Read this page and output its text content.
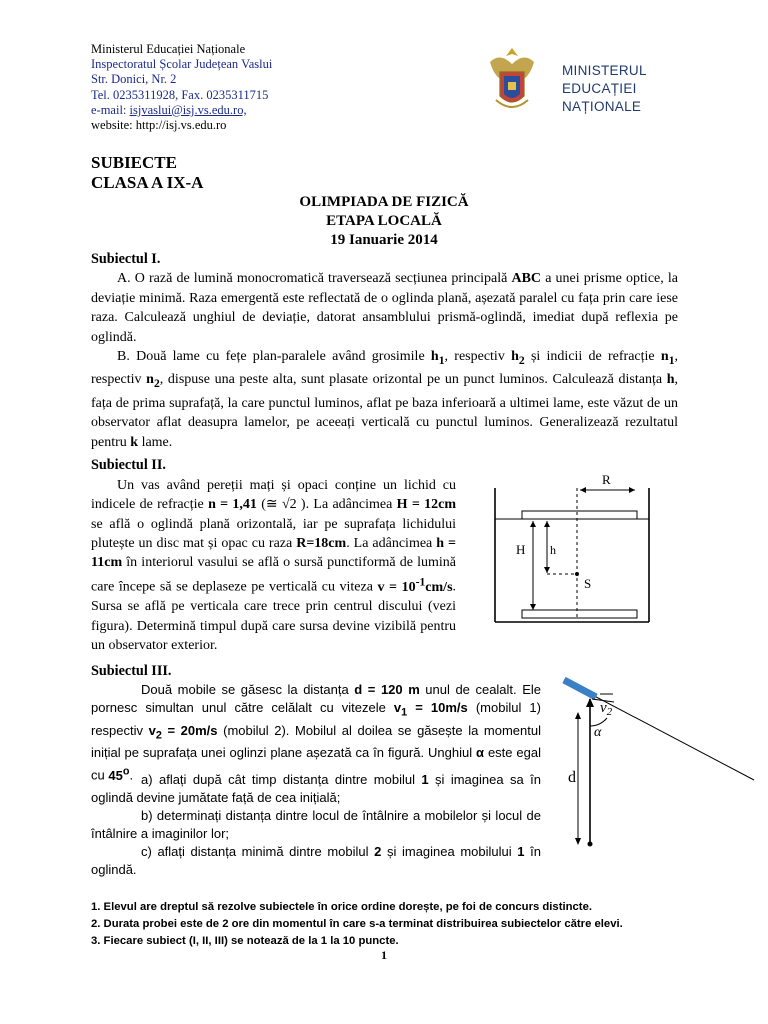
Ministerul Educației Naționale
Inspectoratul Școlar Județean Vaslui
Str. Donici, Nr. 2
Tel. 0235311928, Fax. 0235311715
e-mail: isjvaslui@isj.vs.edu.ro,
website: http://isj.vs.edu.ro
MINISTERUL
EDUCAȚIEI
NAȚIONALE
SUBIECTE
CLASA A IX-A
OLIMPIADA DE FIZICĂ
ETAPA LOCALĂ
19 Ianuarie 2014
Subiectul I.
A. O rază de lumină monocromatică traversează secțiunea principală ABC a unei prisme optice, la deviație minimă. Raza emergentă este reflectată de o oglinda plană, așezată paralel cu fața prin care iese raza. Calculează unghiul de deviație, datorat ansamblului prismă-oglindă, imediat după reflexia pe oglindă.
B. Două lame cu fețe plan-paralele având grosimile $h_1$, respectiv $h_2$ și indicii de refracție $n_1$, respectiv $n_2$, dispuse una peste alta, sunt plasate orizontal pe un punct luminos. Calculează distanța h, fața de prima suprafață, la care punctul luminos, aflat pe baza inferioară a ultimei lame, este văzut de un observator aflat deasupra lamelor, pe aceeați verticală cu punctul luminos. Generalizează rezultatul pentru k lame.
Subiectul II.
Un vas având pereții mați și opaci conține un lichid cu indicele de refracție n = 1,41 (≅ √2 ). La adâncimea H = 12cm se află o oglindă plană orizontală, iar pe suprafața lichidului plutește un disc mat și opac cu raza R=18cm. La adâncimea h = 11cm în interiorul vasului se află o sursă punctiformă de lumină care începe să se deplaseze pe verticală cu viteza $v = 10^{-1}cm/s$. Sursa se află pe verticala care trece prin centrul discului (vezi figura). Determină timpul după care sursa devine vizibilă pentru un observator exterior.
R
H h
S
Subiectul III.
Două mobile se găsesc la distanța d = 120 m unul de cealalt. Ele pornesc simultan unul către celălalt cu vitezele $v_1 = 10m/s$ (mobilul 1) respectiv $v_2 = 20m/s$ (mobilul 2). Mobilul al doilea se găsește la momentul inițial pe suprafața unei oglinzi plane așezată ca în figură. Unghiul α este egal cu 45$^o$. a) aflați după cât timp distanța dintre mobilul 1 și imaginea sa în oglindă devine jumătate față de cea inițială;
b) determinați distanța dintre locul de întâlnire a mobilelor și locul de întâlnire a imaginilor lor;
c) aflați distanța minimă dintre mobilul 2 și imaginea mobilului 1 în oglindă.
d
$v_2$
α
1. Elevul are dreptul să rezolve subiectele în orice ordine dorește, pe foi de concurs distincte.
2. Durata probei este de 2 ore din momentul în care s-a terminat distribuirea subiectelor către elevi.
3. Fiecare subiect (I, II, III) se notează de la 1 la 10 puncte.
1
